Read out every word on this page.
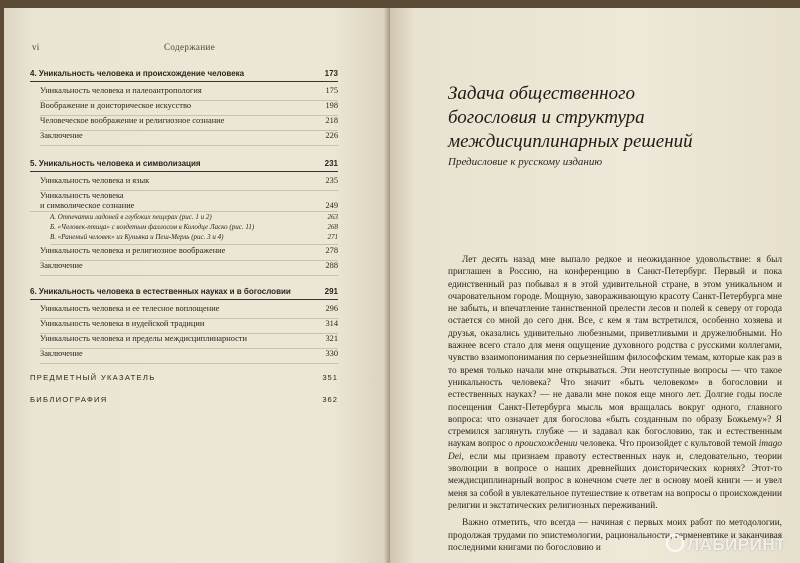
vi	Содержание
4. Уникальность человека и происхождение человека	173
Уникальность человека и палеоантропология	175
Воображение и доисторическое искусство	198
Человеческое воображение и религиозное сознание	218
Заключение	226
5. Уникальность человека и символизация	231
Уникальность человека и язык	235
Уникальность человека
и символическое сознание	249
A. Отпечатки ладоней в глубоких пещерах (рис. 1 и 2)	263
Б. «Человек-птица» с воздетым фаллосом в Колодце Ласко (рис. 11)	268
В. «Раненый человек» из Куньяка и Пеш-Мерль (рис. 3 и 4)	271
Уникальность человека и религиозное воображение	278
Заключение	288
6. Уникальность человека в естественных науках и в богословии	291
Уникальность человека и ее телесное воплощение	296
Уникальность человека в иудейской традиции	314
Уникальность человека и пределы междисциплинарности	321
Заключение	330
ПРЕДМЕТНЫЙ УКАЗАТЕЛЬ	351
БИБЛИОГРАФИЯ	362
Задача общественного
богословия и структура
междисциплинарных решений
Предисловие к русскому изданию

Лет десять назад мне выпало редкое и неожиданное удовольствие: я был приглашен в Россию, на конференцию в Санкт-Петербург. Первый и пока единственный раз побывал я в этой удивительной стране, в этом уникальном и очаровательном городе. Мощную, завораживающую красоту Санкт-Петербурга мне не забыть, и впечатление таинственной прелести лесов и полей к северу от города остается со мной до сего дня. Все, с кем я там встретился, особенно хозяева и друзья, оказались удивительно любезными, приветливыми и дружелюбными. Но важнее всего стало для меня ощущение духовного родства с русскими коллегами, чувство взаимопонимания по серьезнейшим философским темам, которые как раз в то время только начали мне открываться. Эти неотступные вопросы — что такое уникальность человека? Что значит «быть человеком» в богословии и естественных науках? — не давали мне покоя еще много лет. Долгие годы после посещения Санкт-Петербурга мысль моя вращалась вокруг одного, главного вопроса: что означает для богослова «быть созданным по образу Божьему»? Я стремился заглянуть глубже — и задавал как богословию, так и естественным наукам вопрос о происхождении человека. Что произойдет с культовой темой imago Dei, если мы признаем правоту естественных наук и, следовательно, теории эволюции в вопросе о наших древнейших доисторических корнях? Этот-то междисциплинарный вопрос в конечном счете лег в основу моей книги — и увел меня за собой в увлекательное путешествие к ответам на вопросы о происхождении религии и экстатических религиозных переживаний.

Важно отметить, что всегда — начиная с первых моих работ по методологии, продолжая трудами по эпистемологии, рациональности, герменевтике и заканчивая последними книгами по богословию и	ЛАБИРИНТ
